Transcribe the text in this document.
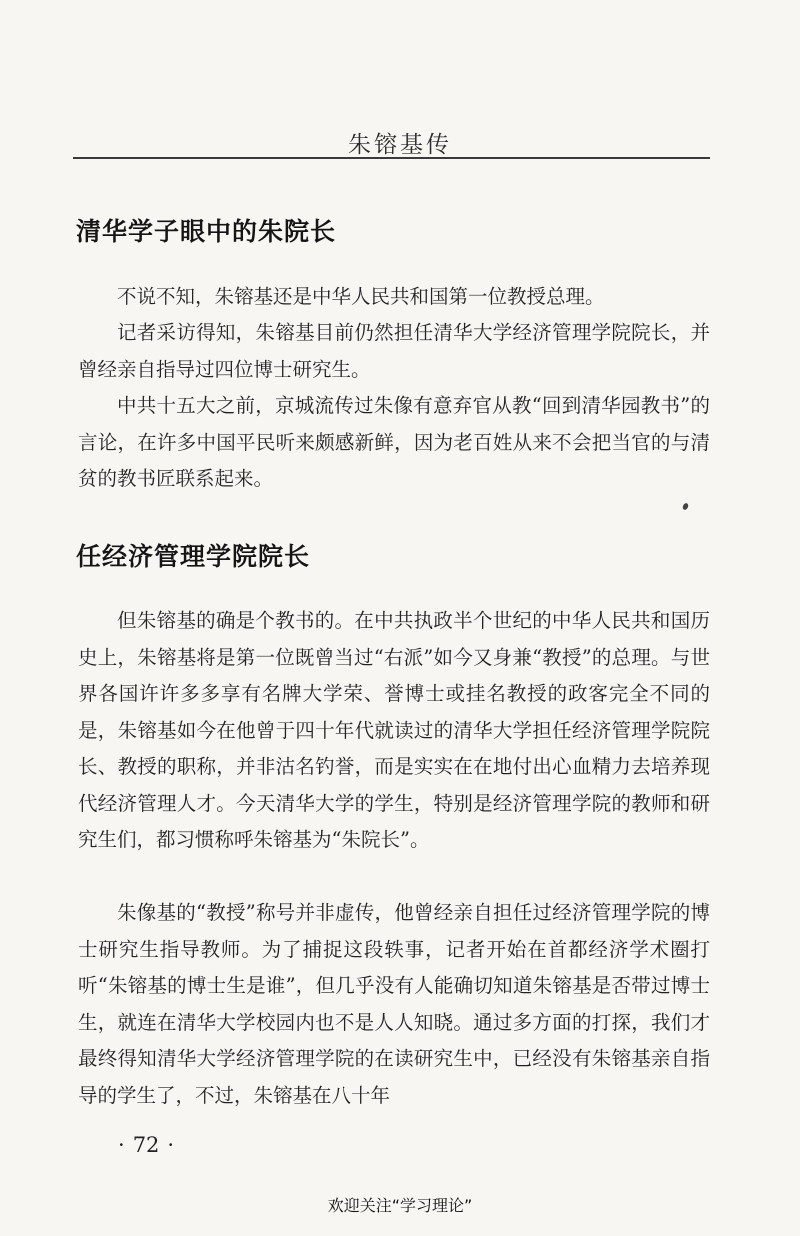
朱镕基传
清华学子眼中的朱院长

不说不知，朱镕基还是中华人民共和国第一位教授总理。

记者采访得知，朱镕基目前仍然担任清华大学经济管理学院院长，并曾经亲自指导过四位博士研究生。

中共十五大之前，京城流传过朱像有意弃官从教“回到清华园教书”的言论，在许多中国平民听来颇感新鲜，因为老百姓从来不会把当官的与清贫的教书匠联系起来。

任经济管理学院院长

但朱镕基的确是个教书的。在中共执政半个世纪的中华人民共和国历史上，朱镕基将是第一位既曾当过“右派”如今又身兼“教授”的总理。与世界各国许许多多享有名牌大学荣、誉博士或挂名教授的政客完全不同的是，朱镕基如今在他曾于四十年代就读过的清华大学担任经济管理学院院长、教授的职称，并非沽名钓誉，而是实实在在地付出心血精力去培养现代经济管理人才。今天清华大学的学生，特别是经济管理学院的教师和研究生们，都习惯称呼朱镕基为“朱院长”。

朱像基的“教授”称号并非虚传，他曾经亲自担任过经济管理学院的博士研究生指导教师。为了捕捉这段轶事，记者开始在首都经济学术圈打听“朱镕基的博士生是谁”，但几乎没有人能确切知道朱镕基是否带过博士生，就连在清华大学校园内也不是人人知晓。通过多方面的打探，我们才最终得知清华大学经济管理学院的在读研究生中，已经没有朱镕基亲自指导的学生了，不过，朱镕基在八十年

· 72 ·
欢迎关注“学习理论”
